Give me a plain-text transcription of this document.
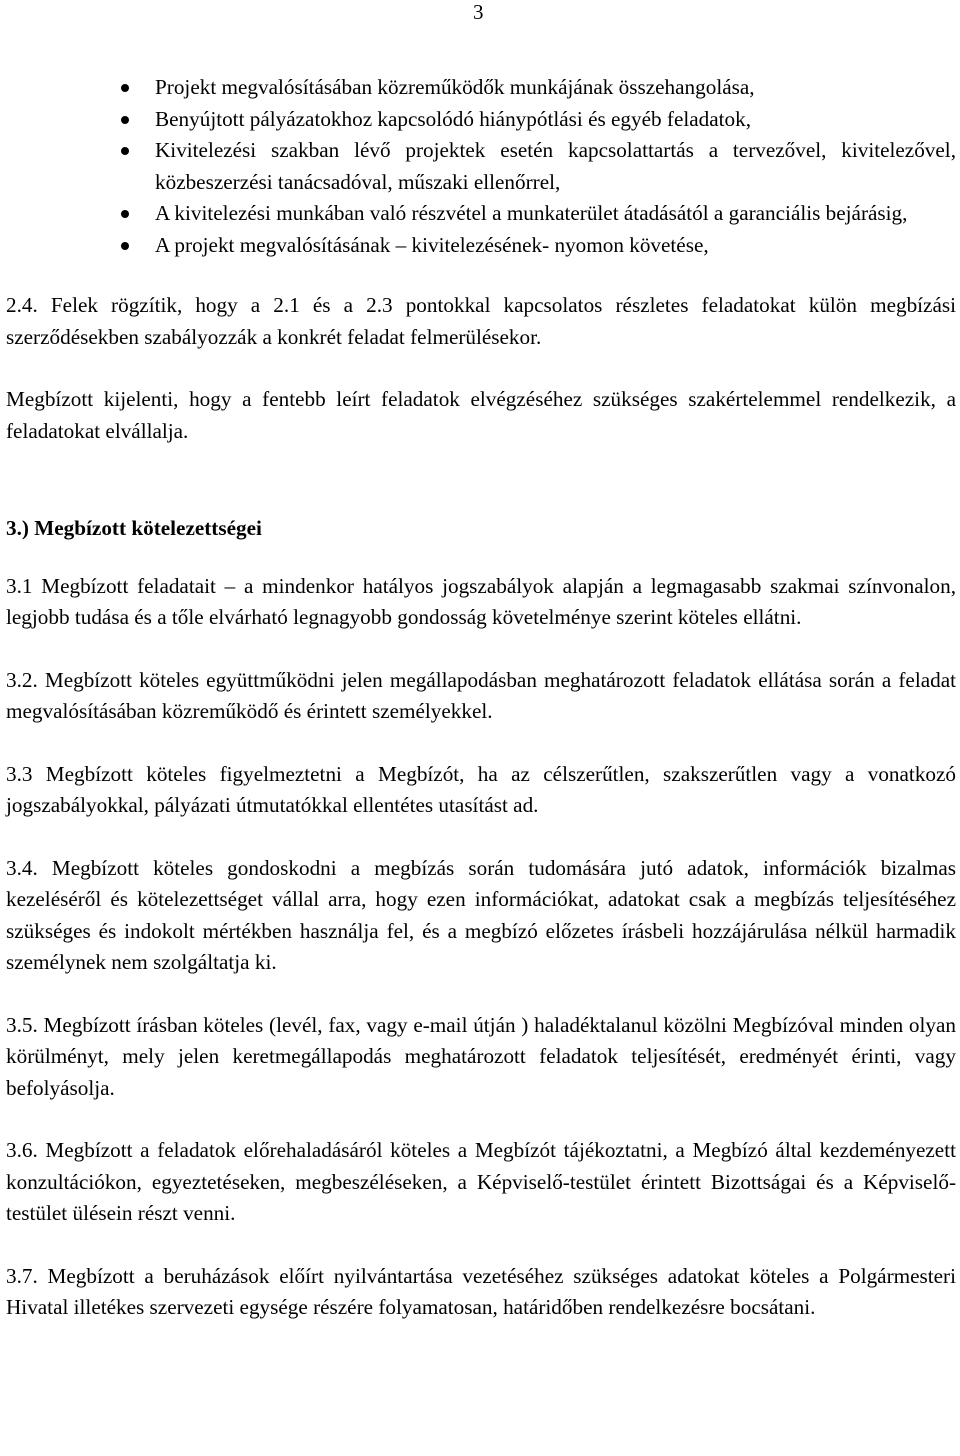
3
Projekt megvalósításában közreműködők munkájának összehangolása,
Benyújtott pályázatokhoz kapcsolódó hiánypótlási és egyéb feladatok,
Kivitelezési szakban lévő projektek esetén kapcsolattartás a tervezővel, kivitelezővel, közbeszerzési tanácsadóval, műszaki ellenőrrel,
A kivitelezési munkában való részvétel a munkaterület átadásától a garanciális bejárásig,
A projekt megvalósításának – kivitelezésének- nyomon követése,

2.4. Felek rögzítik, hogy a 2.1 és a 2.3 pontokkal kapcsolatos részletes feladatokat külön megbízási szerződésekben szabályozzák a konkrét feladat felmerülésekor.

Megbízott kijelenti, hogy a fentebb leírt feladatok elvégzéséhez szükséges szakértelemmel rendelkezik, a feladatokat elvállalja.

3.) Megbízott kötelezettségei

3.1 Megbízott feladatait – a mindenkor hatályos jogszabályok alapján a legmagasabb szakmai színvonalon, legjobb tudása és a tőle elvárható legnagyobb gondosság követelménye szerint köteles ellátni.

3.2. Megbízott köteles együttműködni jelen megállapodásban meghatározott feladatok ellátása során a feladat megvalósításában közreműködő és érintett személyekkel.

3.3 Megbízott köteles figyelmeztetni a Megbízót, ha az célszerűtlen, szakszerűtlen vagy a vonatkozó jogszabályokkal, pályázati útmutatókkal ellentétes utasítást ad.

3.4. Megbízott köteles gondoskodni a megbízás során tudomására jutó adatok, információk bizalmas kezeléséről és kötelezettséget vállal arra, hogy ezen információkat, adatokat csak a megbízás teljesítéséhez szükséges és indokolt mértékben használja fel, és a megbízó előzetes írásbeli hozzájárulása nélkül harmadik személynek nem szolgáltatja ki.

3.5. Megbízott írásban köteles (levél, fax, vagy e-mail útján ) haladéktalanul közölni Megbízóval minden olyan körülményt, mely jelen keretmegállapodás meghatározott feladatok teljesítését, eredményét érinti, vagy befolyásolja.

3.6. Megbízott a feladatok előrehaladásáról köteles a Megbízót tájékoztatni, a Megbízó által kezdeményezett konzultációkon, egyeztetéseken, megbeszéléseken, a Képviselő-testület érintett Bizottságai és a Képviselő-testület ülésein részt venni.

3.7. Megbízott a beruházások előírt nyilvántartása vezetéséhez szükséges adatokat köteles a Polgármesteri Hivatal illetékes szervezeti egysége részére folyamatosan, határidőben rendelkezésre bocsátani.
